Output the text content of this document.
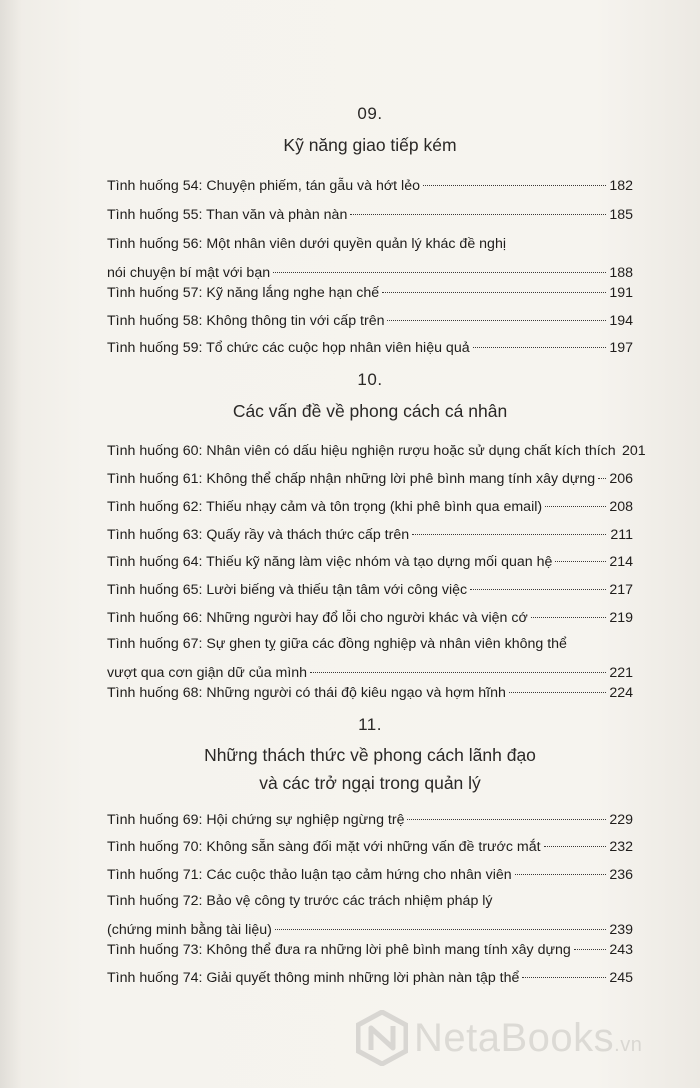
09.
Kỹ năng giao tiếp kém
Tình huống 54: Chuyện phiếm, tán gẫu và hớt lẻo	182
Tình huống 55: Than văn và phàn nàn	185
Tình huống 56: Một nhân viên dưới quyền quản lý khác đề nghị
nói chuyện bí mật với bạn	188
Tình huống 57: Kỹ năng lắng nghe hạn chế	191
Tình huống 58: Không thông tin với cấp trên	194
Tình huống 59: Tổ chức các cuộc họp nhân viên hiệu quả	197
10.
Các vấn đề về phong cách cá nhân
Tình huống 60: Nhân viên có dấu hiệu nghiện rượu hoặc sử dụng chất kích thích 201
Tình huống 61: Không thể chấp nhận những lời phê bình mang tính xây dựng 206
Tình huống 62: Thiếu nhạy cảm và tôn trọng (khi phê bình qua email)	208
Tình huống 63: Quấy rầy và thách thức cấp trên	211
Tình huống 64: Thiếu kỹ năng làm việc nhóm và tạo dựng mối quan hệ	214
Tình huống 65: Lười biếng và thiếu tận tâm với công việc	217
Tình huống 66: Những người hay đổ lỗi cho người khác và viện cớ	219
Tình huống 67: Sự ghen tỵ giữa các đồng nghiệp và nhân viên không thể
vượt qua cơn giận dữ của mình	221
Tình huống 68: Những người có thái độ kiêu ngạo và hợm hĩnh	224
11.
Những thách thức về phong cách lãnh đạo
và các trở ngại trong quản lý
Tình huống 69: Hội chứng sự nghiệp ngừng trệ	229
Tình huống 70: Không sẵn sàng đối mặt với những vấn đề trước mắt	232
Tình huống 71: Các cuộc thảo luận tạo cảm hứng cho nhân viên	236
Tình huống 72: Bảo vệ công ty trước các trách nhiệm pháp lý
(chứng minh bằng tài liệu)	239
Tình huống 73: Không thể đưa ra những lời phê bình mang tính xây dựng	243
Tình huống 74: Giải quyết thông minh những lời phàn nàn tập thể	245
NetaBooks.vn
